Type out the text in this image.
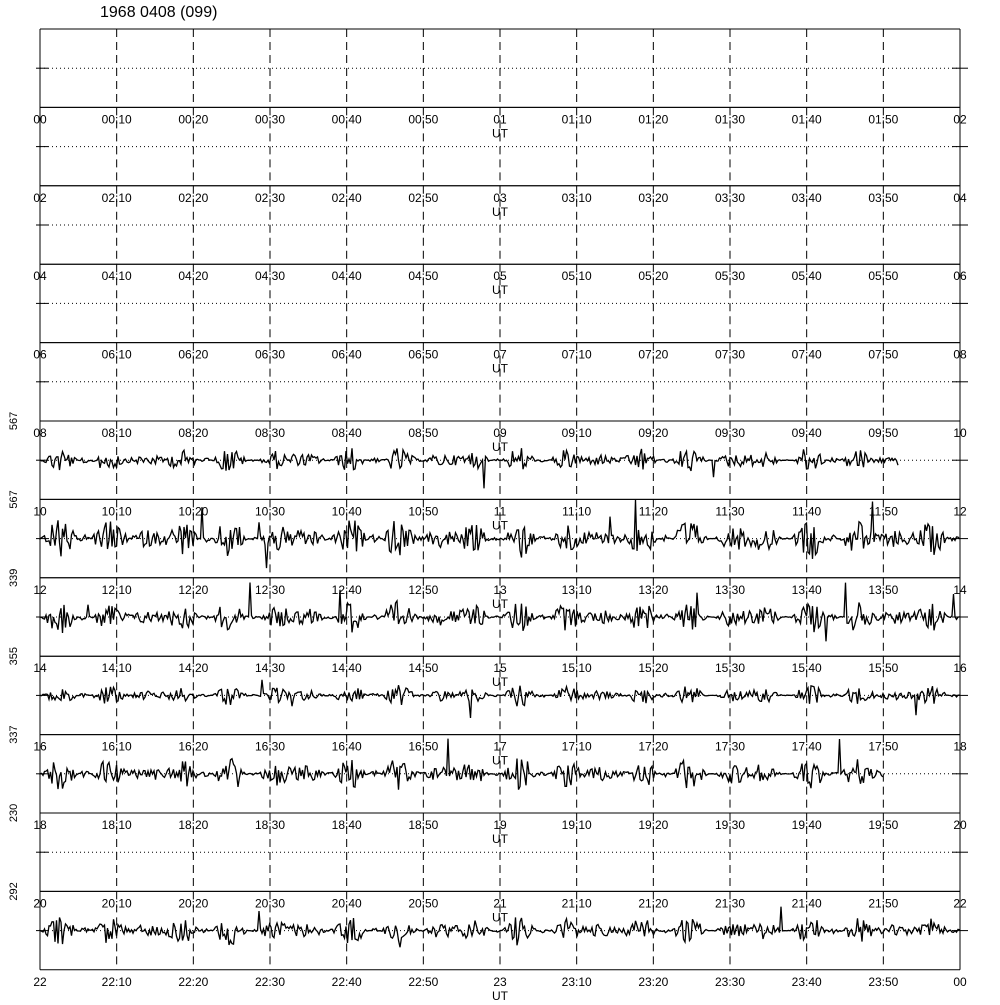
1968 0408 (099)
00	00:10	00:20	00:30	00:40	00:50	01	01:10	01:20	01:30	01:40	01:50	02
UT
02	02:10	02:20	02:30	02:40	02:50	03	03:10	03:20	03:30	03:40	03:50	04
UT
04	04:10	04:20	04:30	04:40	04:50	05	05:10	05:20	05:30	05:40	05:50	06
UT
06	06:10	06:20	06:30	06:40	06:50	07	07:10	07:20	07:30	07:40	07:50	08
UT
08	08:10	08:20	08:30	08:40	08:50	09	09:10	09:20	09:30	09:40	09:50	10
UT
567
10	10:10	10:20	10:30	10:40	10:50	11	11:10	11:20	11:30	11:40	11:50	12
UT
567
12	12:10	12:20	12:30	12:40	12:50	13	13:10	13:20	13:30	13:40	13:50	14
UT
339
14	14:10	14:20	14:30	14:40	14:50	15	15:10	15:20	15:30	15:40	15:50	16
UT
355
16	16:10	16:20	16:30	16:40	16:50	17	17:10	17:20	17:30	17:40	17:50	18
UT
337
18	18:10	18:20	18:30	18:40	18:50	19	19:10	19:20	19:30	19:40	19:50	20
UT
230
20	20:10	20:20	20:30	20:40	20:50	21	21:10	21:20	21:30	21:40	21:50	22
UT
292
22	22:10	22:20	22:30	22:40	22:50	23	23:10	23:20	23:30	23:40	23:50	00
UT
